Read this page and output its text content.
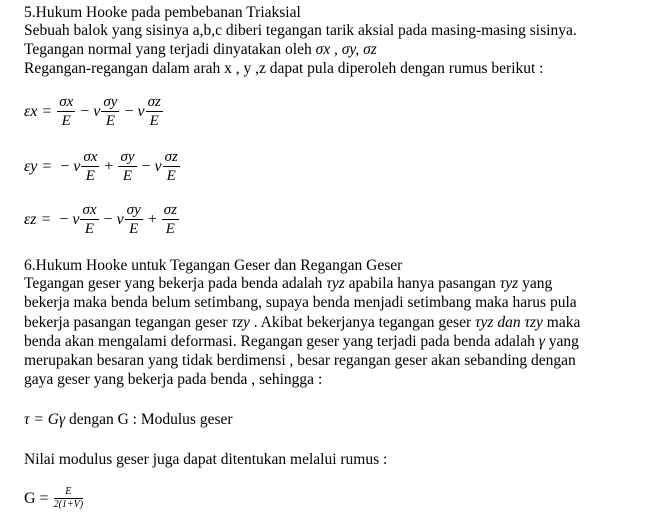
5.Hukum Hooke pada pembebanan Triaksial
Sebuah balok yang sisinya a,b,c diberi tegangan tarik aksial pada masing-masing sisinya.
Tegangan normal yang terjadi dinyatakan oleh σx , σy, σz
Regangan-regangan dalam arah x , y ,z dapat pula diperoleh dengan rumus berikut :
$\varepsilon x = \frac{\sigma x}{E} - v \frac{\sigma y}{E} - v \frac{\sigma z}{E}$
εy = − v $\frac{\sigma x}{E} + \frac{\sigma y}{E} - v \frac{\sigma z}{E}$
εz = − v $\frac{\sigma x}{E} - v \frac{\sigma y}{E} + \frac{\sigma z}{E}$
6.Hukum Hooke untuk Tegangan Geser dan Regangan Geser
Tegangan geser yang bekerja pada benda adalah τyz apabila hanya pasangan τyz yang
bekerja maka benda belum setimbang, supaya benda menjadi setimbang maka harus pula
bekerja pasangan tegangan geser τzy . Akibat bekerjanya tegangan geser τyz dan τzy maka
benda akan mengalami deformasi. Regangan geser yang terjadi pada benda adalah γ yang
merupakan besaran yang tidak berdimensi , besar regangan geser akan sebanding dengan
gaya geser yang bekerja pada benda , sehingga :
τ = Gγ dengan G : Modulus geser
Nilai modulus geser juga dapat ditentukan melalui rumus :
$G = \frac{E}{2(1+V)}$
